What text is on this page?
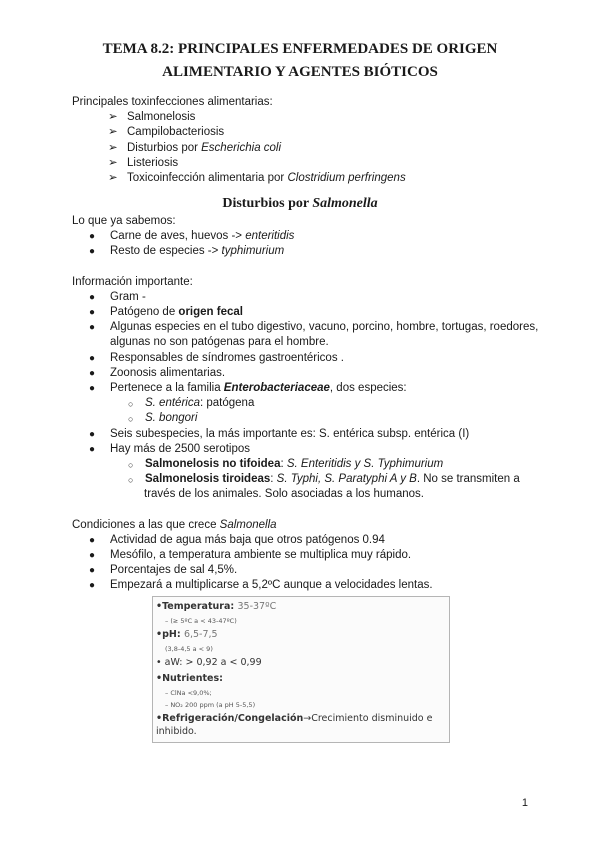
TEMA 8.2: PRINCIPALES ENFERMEDADES DE ORIGEN
ALIMENTARIO Y AGENTES BIÓTICOS

Principales toxinfecciones alimentarias:

➢ Salmonelosis
➢ Campilobacteriosis
➢ Disturbios por Escherichia coli
➢ Listeriosis
➢ Toxicoinfección alimentaria por Clostridium perfringens
Disturbios por Salmonella

Lo que ya sabemos:

● Carne de aves, huevos -> enteritidis
● Resto de especies -> typhimurium

Información importante:

● Gram -
● Patógeno de origen fecal
● Algunas especies en el tubo digestivo, vacuno, porcino, hombre, tortugas, roedores,
algunas no son patógenas para el hombre.
● Responsables de síndromes gastroentéricos .
● Zoonosis alimentarias.
● Pertenece a la familia Enterobacteriaceae, dos especies:
○ S. entérica: patógena
○ S. bongori
● Seis subespecies, la más importante es: S. entérica subsp. entérica (I)
● Hay más de 2500 serotipos
○ Salmonelosis no tifoidea: S. Enteritidis y S. Typhimurium
○ Salmonelosis tiroideas: S. Typhi, S. Paratyphi A y B. No se transmiten a
través de los animales. Solo asociadas a los humanos.

Condiciones a las que crece Salmonella

● Actividad de agua más baja que otros patógenos 0.94
● Mesófilo, a temperatura ambiente se multiplica muy rápido.
● Porcentajes de sal 4,5%.
● Empezará a multiplicarse a 5,2ºC aunque a velocidades lentas.
•Temperatura: 35-37ºC
– (≥ 5ºC a < 43-47ºC)
•pH: 6,5-7,5
(3,8-4,5 a < 9)
• aW: > 0,92 a < 0,99
•Nutrientes:
– ClNa <9,0%;
– NO₂ 200 ppm (a pH 5-5,5)
•Refrigeración/Congelación→Crecimiento disminuido e
inhibido.
1
